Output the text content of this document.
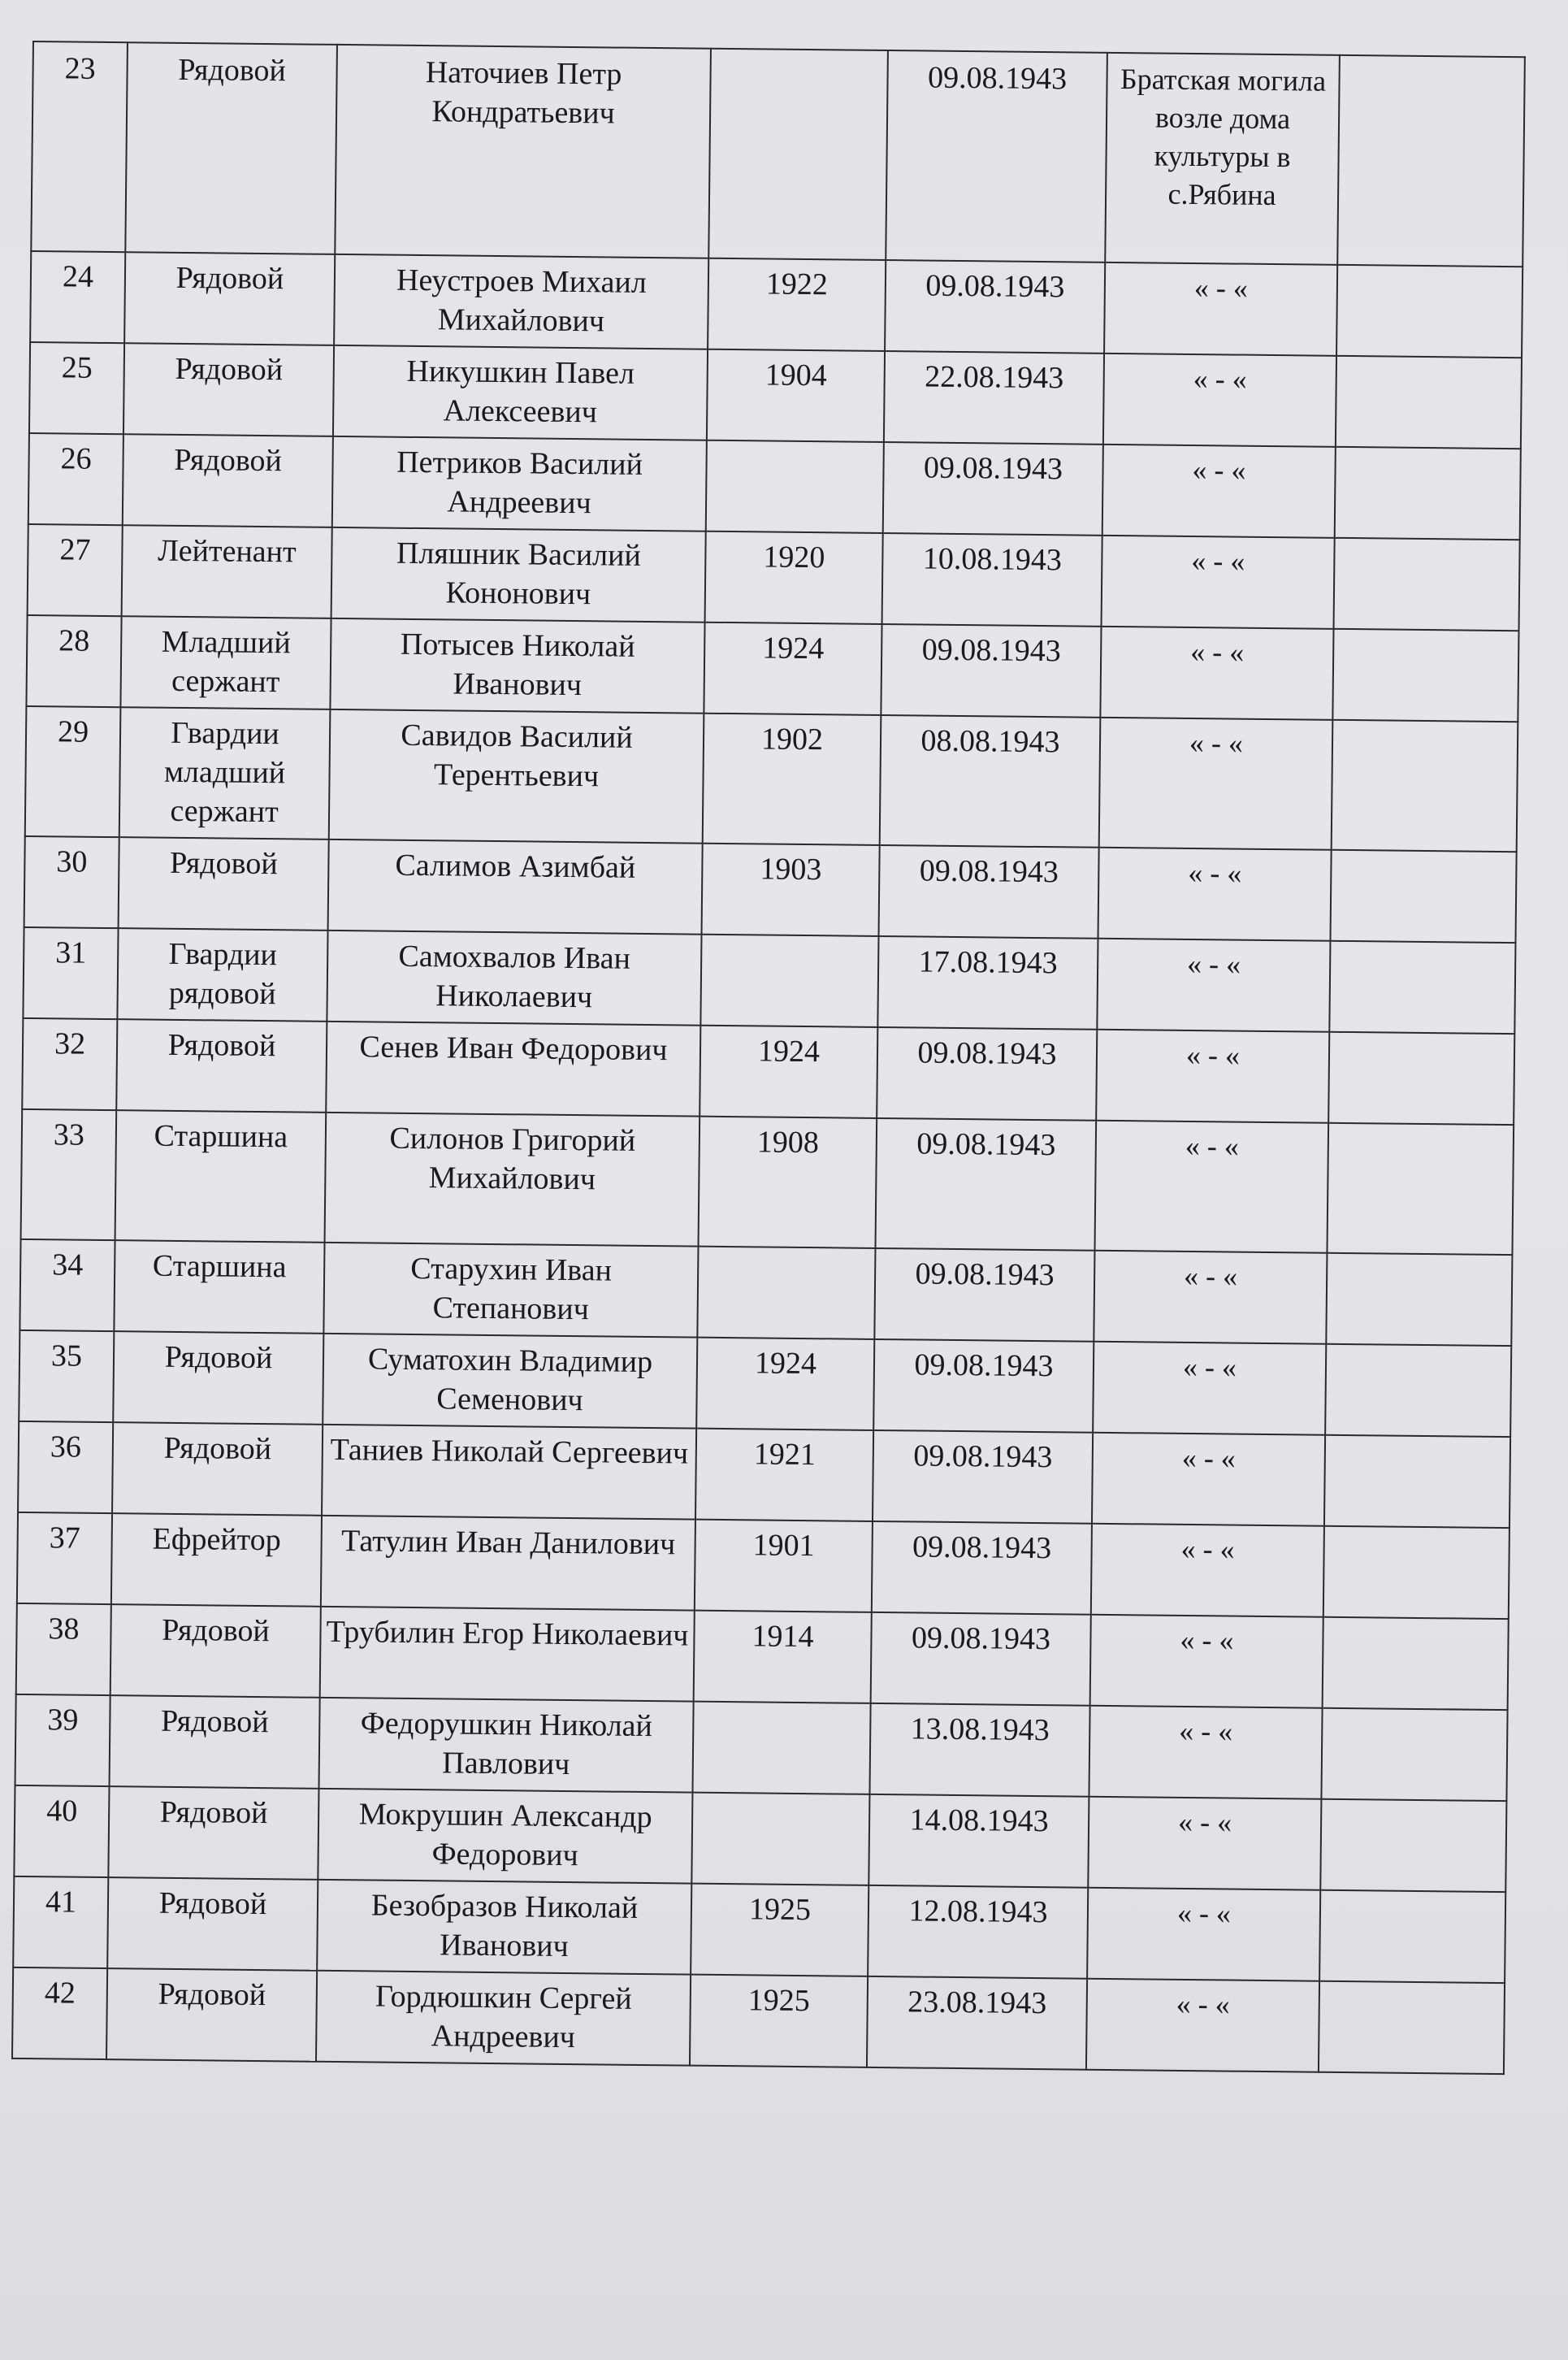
23	Рядовой	Наточиев Петр Кондратьевич		09.08.1943	Братская могила возле дома культуры в с.Рябина	
24	Рядовой	Неустроев Михаил Михайлович	1922	09.08.1943	« - «	
25	Рядовой	Никушкин Павел Алексеевич	1904	22.08.1943	« - «	
26	Рядовой	Петриков Василий Андреевич		09.08.1943	« - «	
27	Лейтенант	Пляшник Василий Кононович	1920	10.08.1943	« - «	
28	Младший сержант	Потысев Николай Иванович	1924	09.08.1943	« - «	
29	Гвардии младший сержант	Савидов Василий Терентьевич	1902	08.08.1943	« - «	
30	Рядовой	Салимов Азимбай	1903	09.08.1943	« - «	
31	Гвардии рядовой	Самохвалов Иван Николаевич		17.08.1943	« - «	
32	Рядовой	Сенев Иван Федорович	1924	09.08.1943	« - «	
33	Старшина	Силонов Григорий Михайлович	1908	09.08.1943	« - «	
34	Старшина	Старухин Иван Степанович		09.08.1943	« - «	
35	Рядовой	Суматохин Владимир Семенович	1924	09.08.1943	« - «	
36	Рядовой	Таниев Николай Сергеевич	1921	09.08.1943	« - «	
37	Ефрейтор	Татулин Иван Данилович	1901	09.08.1943	« - «	
38	Рядовой	Трубилин Егор Николаевич	1914	09.08.1943	« - «	
39	Рядовой	Федорушкин Николай Павлович		13.08.1943	« - «	
40	Рядовой	Мокрушин Александр Федорович		14.08.1943	« - «	
41	Рядовой	Безобразов Николай Иванович	1925	12.08.1943	« - «	
42	Рядовой	Гордюшкин Сергей Андреевич	1925	23.08.1943	« - «	
